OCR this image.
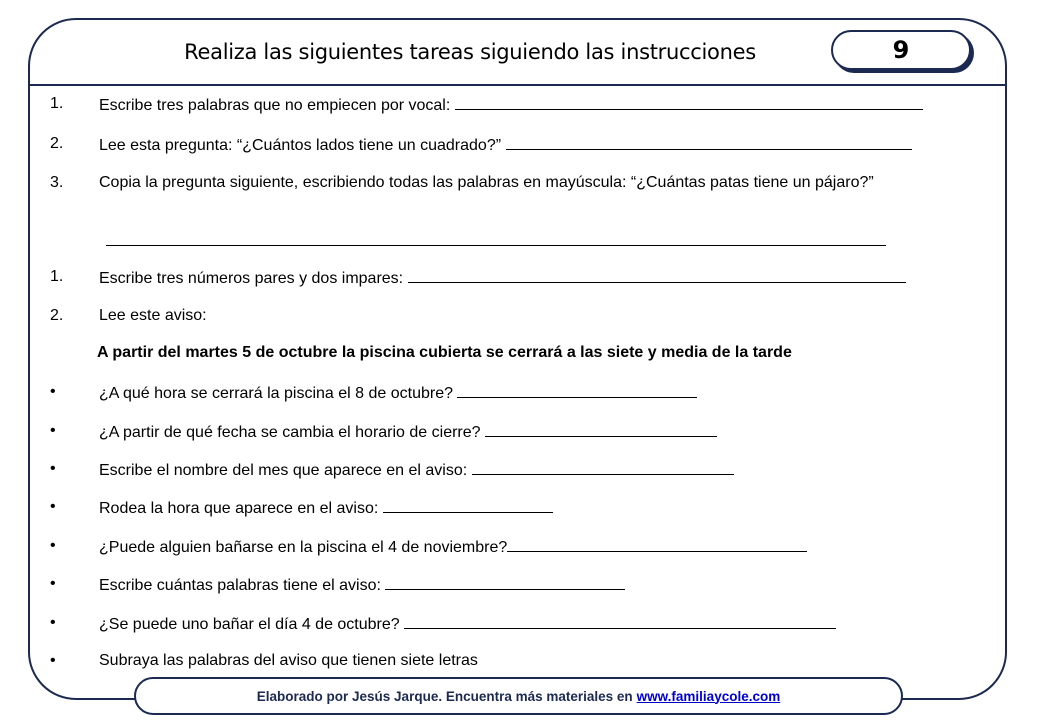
Realiza las siguientes tareas siguiendo las instrucciones	9
1. Escribe tres palabras que no empiecen por vocal:
2. Lee esta pregunta: “¿Cuántos lados tiene un cuadrado?”
3. Copia la pregunta siguiente, escribiendo todas las palabras en mayúscula: “¿Cuántas patas tiene un pájaro?”
1. Escribe tres números pares y dos impares:
2. Lee este aviso:
A partir del martes 5 de octubre la piscina cubierta se cerrará a las siete y media de la tarde
•	¿A qué hora se cerrará la piscina el 8 de octubre?
•	¿A partir de qué fecha se cambia el horario de cierre?
•	Escribe el nombre del mes que aparece en el aviso:
•	Rodea la hora que aparece en el aviso:
•	¿Puede alguien bañarse en la piscina el 4 de noviembre?
•	Escribe cuántas palabras tiene el aviso:
•	¿Se puede uno bañar el día 4 de octubre?
•	Subraya las palabras del aviso que tienen siete letras
Elaborado por Jesús Jarque. Encuentra más materiales en www.familiaycole.com
